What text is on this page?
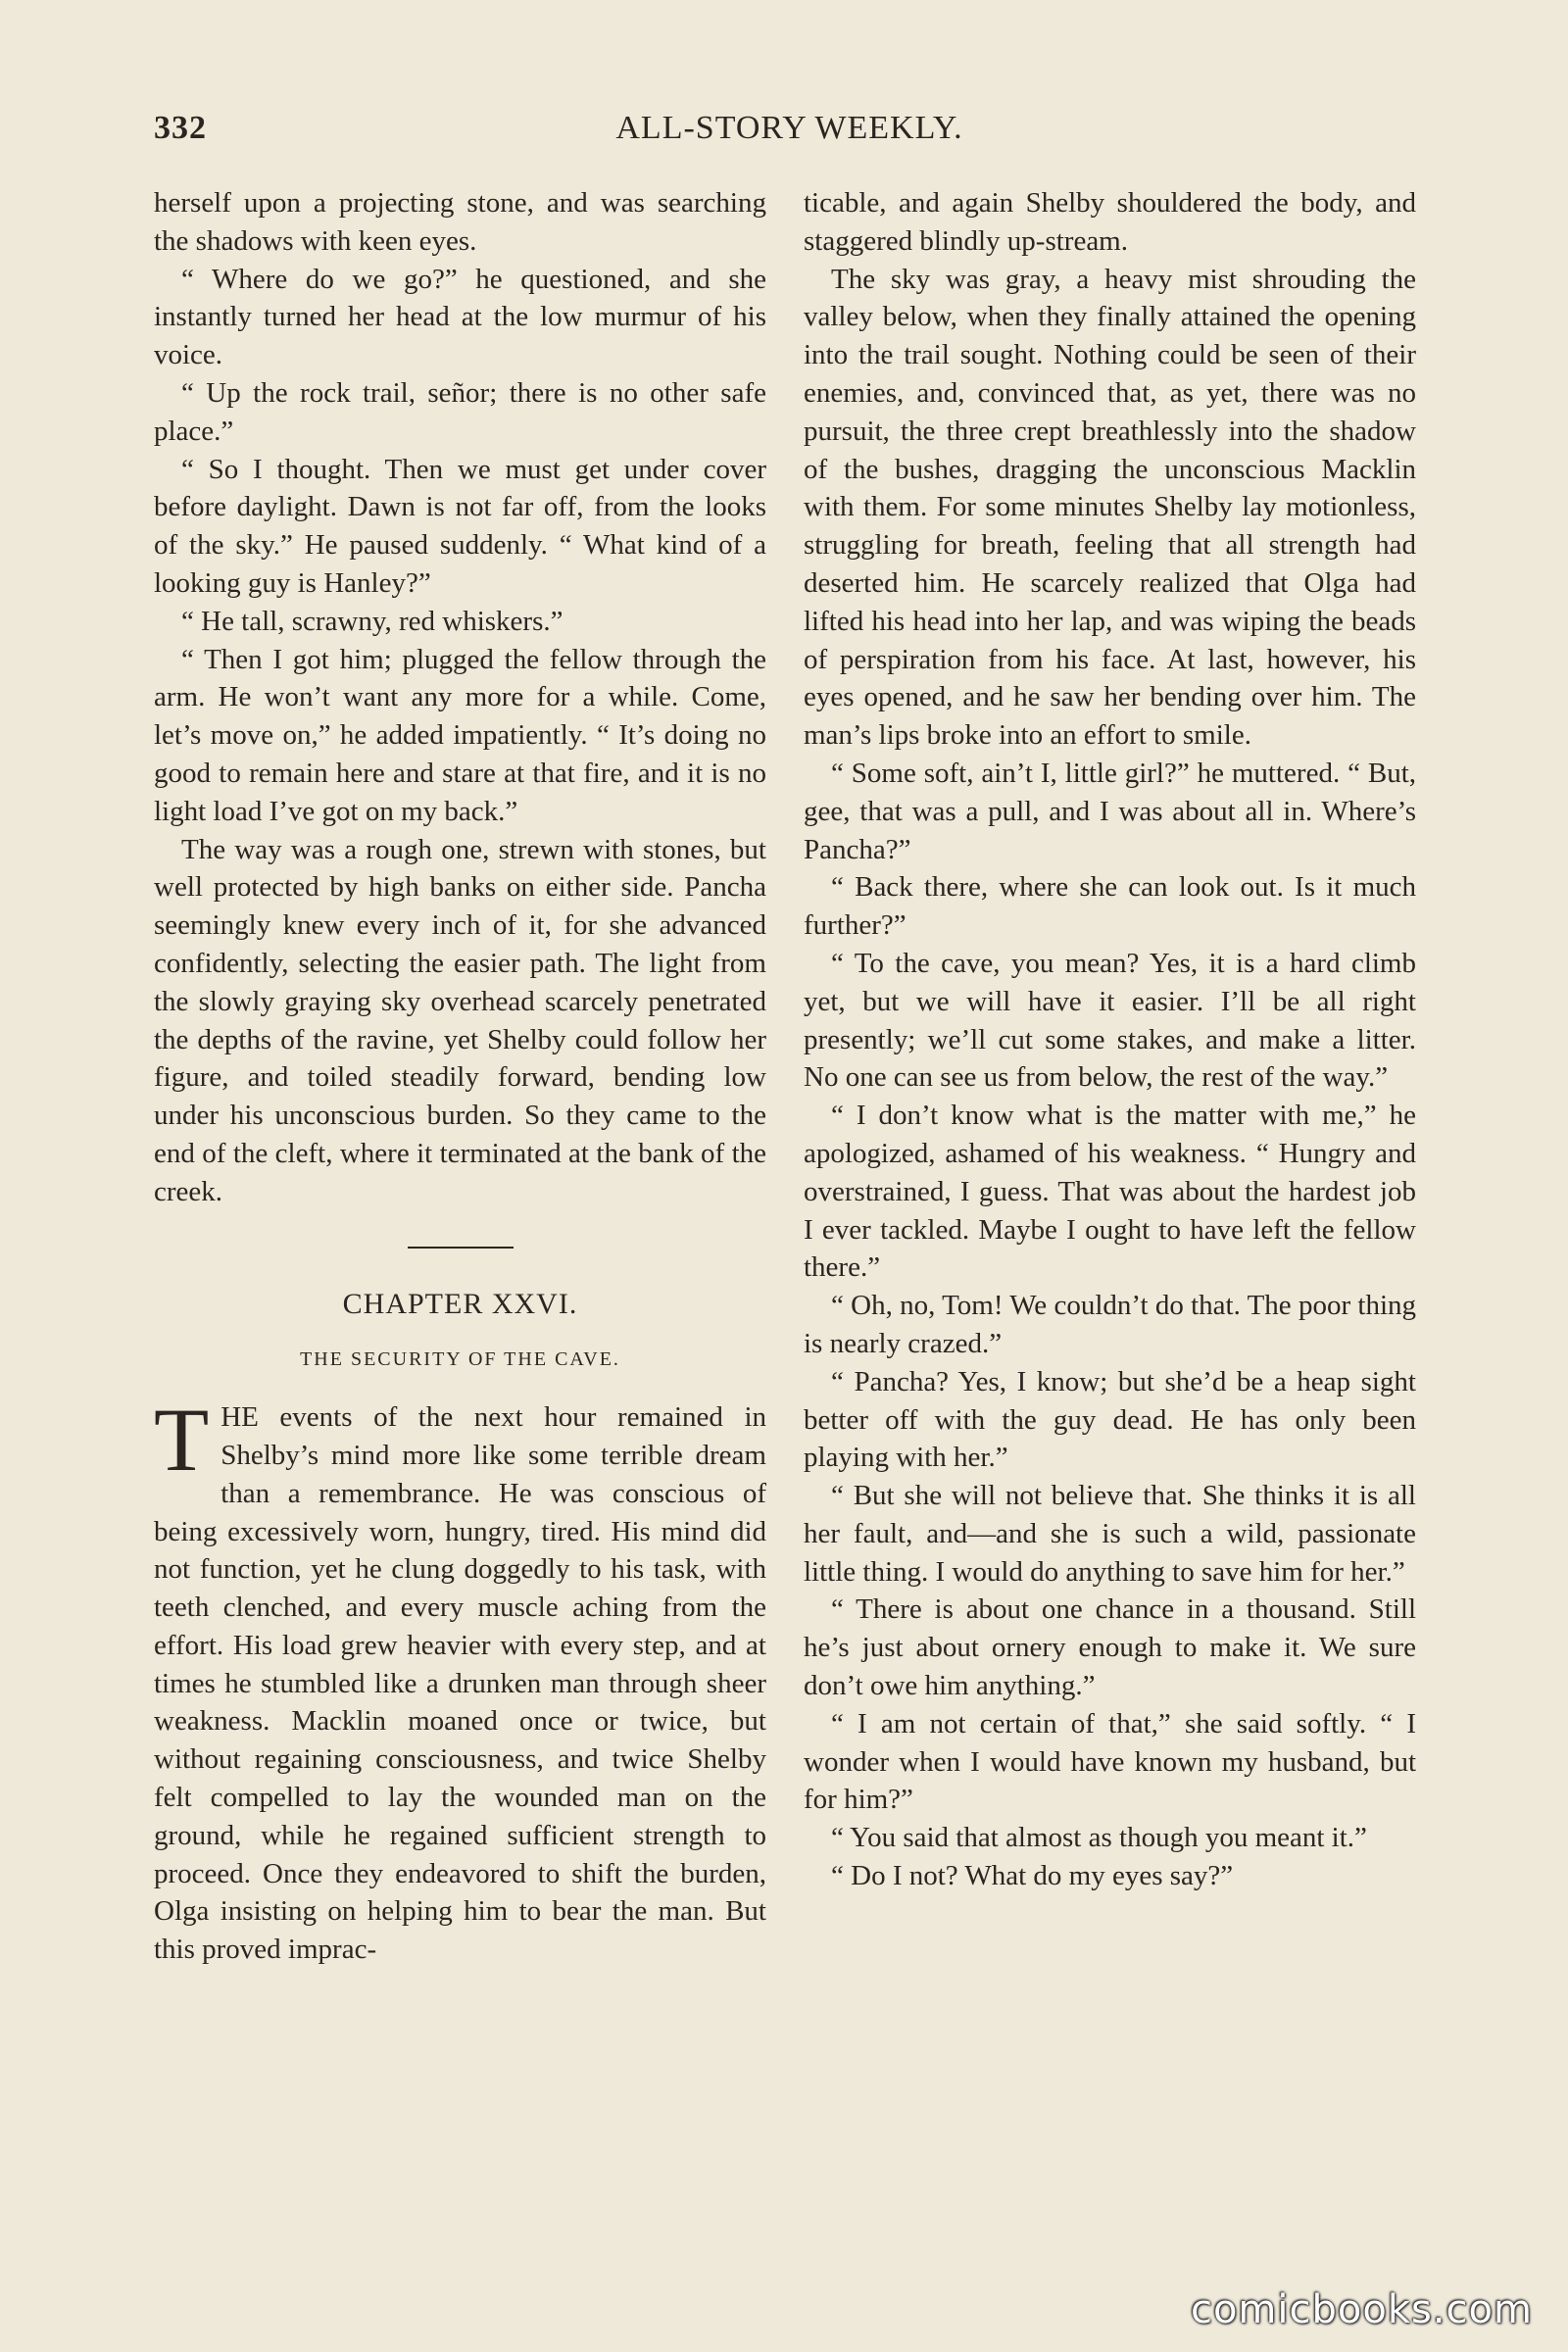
332	ALL-STORY WEEKLY.

herself upon a projecting stone, and was searching the shadows with keen eyes.

“ Where do we go?” he questioned, and she instantly turned her head at the low murmur of his voice.

“ Up the rock trail, señor; there is no other safe place.”

“ So I thought. Then we must get under cover before daylight. Dawn is not far off, from the looks of the sky.” He paused suddenly. “ What kind of a looking guy is Hanley?”

“ He tall, scrawny, red whiskers.”

“ Then I got him; plugged the fellow through the arm. He won’t want any more for a while. Come, let’s move on,” he added impatiently. “ It’s doing no good to remain here and stare at that fire, and it is no light load I’ve got on my back.”

The way was a rough one, strewn with stones, but well protected by high banks on either side. Pancha seemingly knew every inch of it, for she advanced confidently, selecting the easier path. The light from the slowly graying sky overhead scarcely penetrated the depths of the ravine, yet Shelby could follow her figure, and toiled steadily forward, bending low under his unconscious burden. So they came to the end of the cleft, where it terminated at the bank of the creek.

CHAPTER XXVI.
THE SECURITY OF THE CAVE.

THE events of the next hour remained in Shelby’s mind more like some terrible dream than a remembrance. He was conscious of being excessively worn, hungry, tired. His mind did not function, yet he clung doggedly to his task, with teeth clenched, and every muscle aching from the effort. His load grew heavier with every step, and at times he stumbled like a drunken man through sheer weakness. Macklin moaned once or twice, but without regaining consciousness, and twice Shelby felt compelled to lay the wounded man on the ground, while he regained sufficient strength to proceed. Once they endeavored to shift the burden, Olga insisting on helping him to bear the man. But this proved imprac-

ticable, and again Shelby shouldered the body, and staggered blindly up-stream.

The sky was gray, a heavy mist shrouding the valley below, when they finally attained the opening into the trail sought. Nothing could be seen of their enemies, and, convinced that, as yet, there was no pursuit, the three crept breathlessly into the shadow of the bushes, dragging the unconscious Macklin with them. For some minutes Shelby lay motionless, struggling for breath, feeling that all strength had deserted him. He scarcely realized that Olga had lifted his head into her lap, and was wiping the beads of perspiration from his face. At last, however, his eyes opened, and he saw her bending over him. The man’s lips broke into an effort to smile.

“ Some soft, ain’t I, little girl?” he muttered. “ But, gee, that was a pull, and I was about all in. Where’s Pancha?”

“ Back there, where she can look out. Is it much further?”

“ To the cave, you mean? Yes, it is a hard climb yet, but we will have it easier. I’ll be all right presently; we’ll cut some stakes, and make a litter. No one can see us from below, the rest of the way.”

“ I don’t know what is the matter with me,” he apologized, ashamed of his weakness. “ Hungry and overstrained, I guess. That was about the hardest job I ever tackled. Maybe I ought to have left the fellow there.”

“ Oh, no, Tom! We couldn’t do that. The poor thing is nearly crazed.”

“ Pancha? Yes, I know; but she’d be a heap sight better off with the guy dead. He has only been playing with her.”

“ But she will not believe that. She thinks it is all her fault, and—and she is such a wild, passionate little thing. I would do anything to save him for her.”

“ There is about one chance in a thousand. Still he’s just about ornery enough to make it. We sure don’t owe him anything.”

“ I am not certain of that,” she said softly. “ I wonder when I would have known my husband, but for him?”

“ You said that almost as though you meant it.”

“ Do I not? What do my eyes say?”

comicbooks.com
